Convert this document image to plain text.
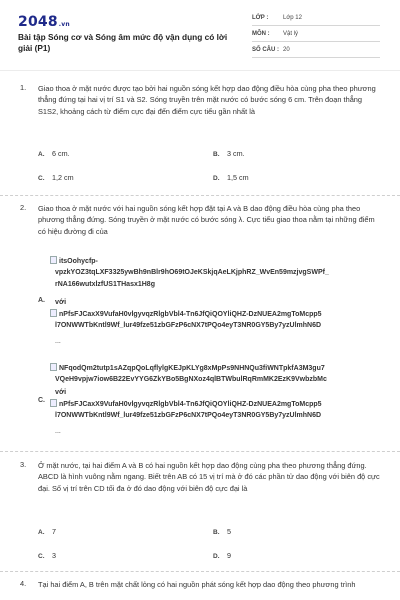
2048.vn
Bài tập Sóng cơ và Sóng âm mức độ vận dụng có lời giải (P1)
LỚP :	Lớp 12
MÔN :	Vật lý
SỐ CÂU : 20
1. Giao thoa ở mặt nước được tạo bởi hai nguồn sóng kết hợp dao động điều hòa cùng pha theo phương thẳng đứng tại hai vị trí S1 và S2. Sóng truyền trên mặt nước có bước sóng 6 cm. Trên đoạn thẳng S1S2, khoảng cách từ điểm cực đại đến điểm cực tiểu gần nhất là
A. 6 cm.	B. 3 cm.
C. 1,2 cm	D. 1,5 cm
2. Giao thoa ở mặt nước với hai nguồn sóng kết hợp đặt tại A và B dao động điều hòa cùng pha theo phương thẳng đứng. Sóng truyền ở mặt nước có bước sóng λ. Cực tiểu giao thoa nằm tại những điểm có hiệu đường đi của
itsOohycfp-
vpzkYOZ3tqLXF3325ywBh9nBlr9hO69tOJeKSkjqAeLKjphRZ_WvEn59mzjvgSWPf_
rNA166wutxlzfUS1THasx1H8g
A. với
nPfsFJCaxX9VufaH0vlgyvqzRlgbVbl4-Tn6JfQiQOYliQHZ-DzNUEA2mgToMcpp5
l7ONWWTbKntl9Wf_lur49fze51zbGFzP6cNX7tPQo4eyT3NR0GY5By7yzUlmhN6D
...
NFqodQm2tutp1sAZqpQoLqflylgKEJpKLYg8xMpPs9NHNQu3fiWNTpkfA3M3gu7
VQeH9vpjw7iow6B22EvYYG6ZkYBo5BgNXoz4qlBTWbulRqRmMK2EzK9VwbzbMc
với
C.
nPfsFJCaxX9VufaH0vlgyvqzRlgbVbl4-Tn6JfQiQOYliQHZ-DzNUEA2mgToMcpp5
l7ONWWTbKntl9Wf_lur49fze51zbGFzP6cNX7tPQo4eyT3NR0GY5By7yzUlmhN6D
...
3. Ở mặt nước, tại hai điểm A và B có hai nguồn kết hợp dao động cùng pha theo phương thẳng đứng. ABCD là hình vuông nằm ngang. Biết trên AB có 15 vị trí mà ở đó các phần tử dao động với biên độ cực đại. Số vị trí trên CD tối đa ở đó dao động với biên độ cực đại là
A. 7	B. 5
C. 3	D. 9
4. Tại hai điểm A, B trên mặt chất lỏng có hai nguồn phát sóng kết hợp dao động theo phương trình
